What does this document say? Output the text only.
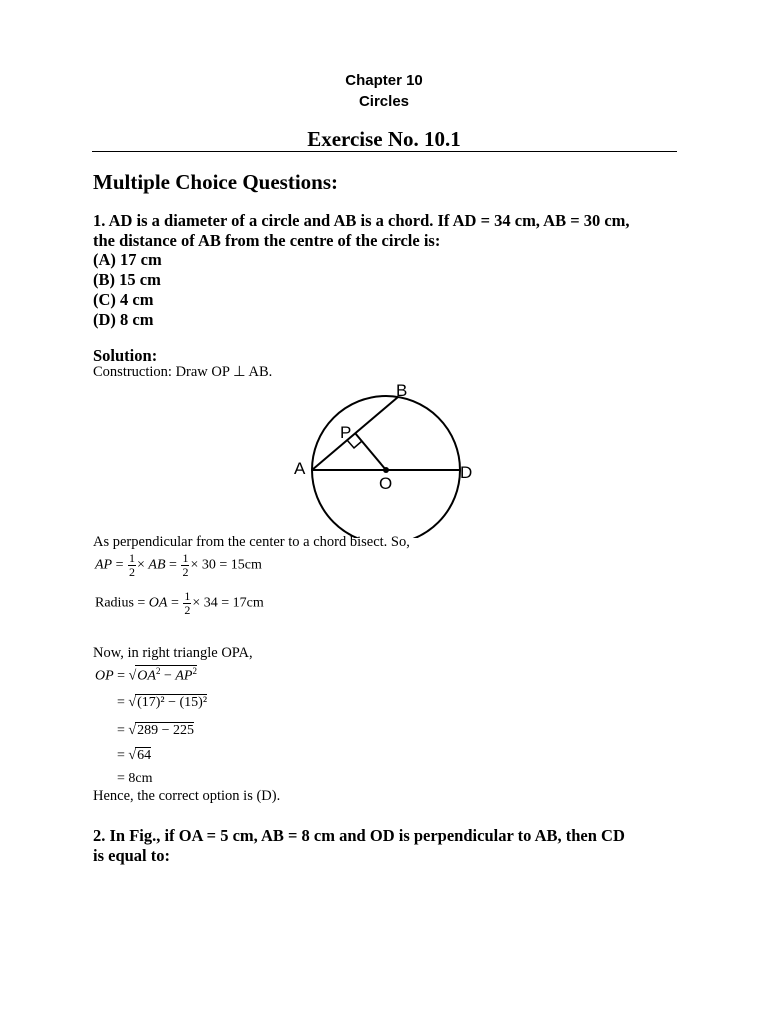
Chapter 10
Circles
Exercise No. 10.1
Multiple Choice Questions:
1. AD is a diameter of a circle and AB is a chord. If AD = 34 cm, AB = 30 cm,
the distance of AB from the centre of the circle is:
(A) 17 cm
(B) 15 cm
(C) 4 cm
(D) 8 cm
Solution:
Construction: Draw OP ⊥ AB.
A
B
P
O
D
As perpendicular from the center to a chord bisect. So,
AP = $\frac{1}{2}$ × AB = $\frac{1}{2} \times 30 = 15cm$
Radius = OA = $\frac{1}{2} \times 34 = 17cm$
Now, in right triangle OPA,
OP = $√OA^2 - AP^2$
= √(17)² − (15)²
= √289 − 225
= √64
= 8cm
Hence, the correct option is (D).
2. In Fig., if OA = 5 cm, AB = 8 cm and OD is perpendicular to AB, then CD
is equal to:
